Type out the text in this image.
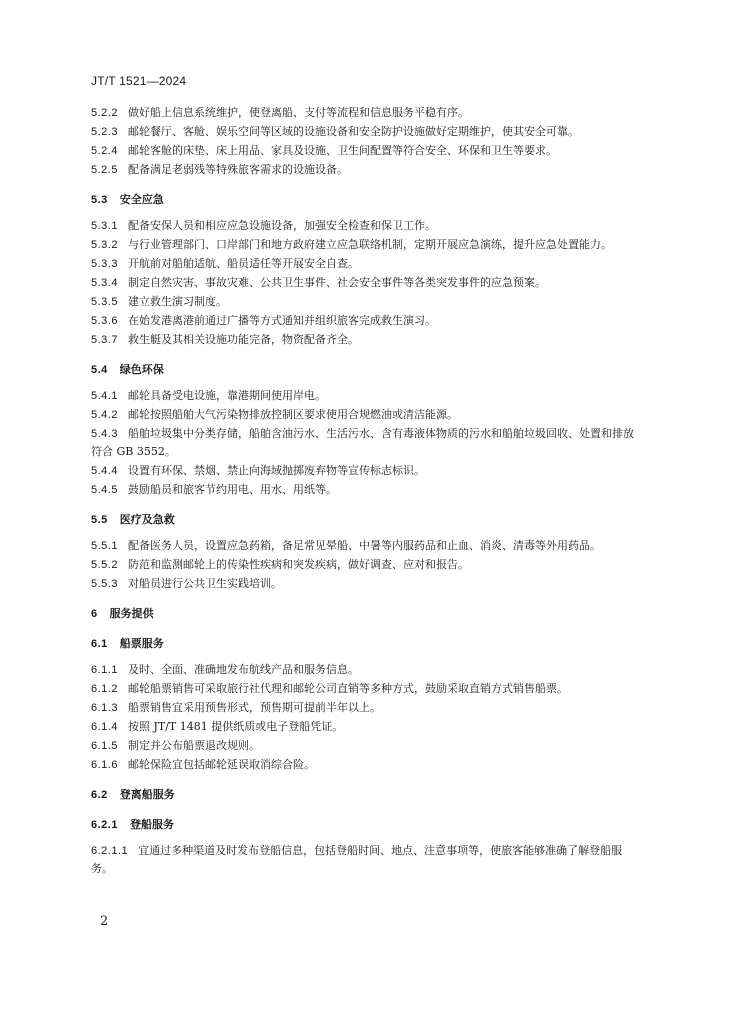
JT/T 1521—2024
5.2.2 做好船上信息系统维护，使登离船、支付等流程和信息服务平稳有序。
5.2.3 邮轮餐厅、客舱、娱乐空间等区域的设施设备和安全防护设施做好定期维护，使其安全可靠。
5.2.4 邮轮客舱的床垫、床上用品、家具及设施、卫生间配置等符合安全、环保和卫生等要求。
5.2.5 配备满足老弱残等特殊旅客需求的设施设备。
5.3 安全应急
5.3.1 配备安保人员和相应应急设施设备，加强安全检查和保卫工作。
5.3.2 与行业管理部门、口岸部门和地方政府建立应急联络机制，定期开展应急演练，提升应急处置能力。
5.3.3 开航前对船舶适航、船员适任等开展安全自查。
5.3.4 制定自然灾害、事故灾难、公共卫生事件、社会安全事件等各类突发事件的应急预案。
5.3.5 建立救生演习制度。
5.3.6 在始发港离港前通过广播等方式通知并组织旅客完成救生演习。
5.3.7 救生艇及其相关设施功能完备，物资配备齐全。
5.4 绿色环保
5.4.1 邮轮具备受电设施，靠港期间使用岸电。
5.4.2 邮轮按照船舶大气污染物排放控制区要求使用合规燃油或清洁能源。
5.4.3 船舶垃圾集中分类存储，船舶含油污水、生活污水、含有毒液体物质的污水和船舶垃圾回收、处置和排放符合 GB 3552。
5.4.4 设置有环保、禁烟、禁止向海域抛掷废弃物等宣传标志标识。
5.4.5 鼓励船员和旅客节约用电、用水、用纸等。
5.5 医疗及急救
5.5.1 配备医务人员，设置应急药箱，备足常见晕船、中暑等内服药品和止血、消炎、清毒等外用药品。
5.5.2 防范和监测邮轮上的传染性疾病和突发疾病，做好调查、应对和报告。
5.5.3 对船员进行公共卫生实践培训。
6 服务提供
6.1 船票服务
6.1.1 及时、全面、准确地发布航线产品和服务信息。
6.1.2 邮轮船票销售可采取旅行社代理和邮轮公司直销等多种方式，鼓励采取直销方式销售船票。
6.1.3 船票销售宜采用预售形式，预售期可提前半年以上。
6.1.4 按照 JT/T 1481 提供纸质或电子登船凭证。
6.1.5 制定并公布船票退改规则。
6.1.6 邮轮保险宜包括邮轮延误取消综合险。
6.2 登离船服务
6.2.1 登船服务
6.2.1.1 宜通过多种渠道及时发布登船信息，包括登船时间、地点、注意事项等，使旅客能够准确了解登船服务。
2
